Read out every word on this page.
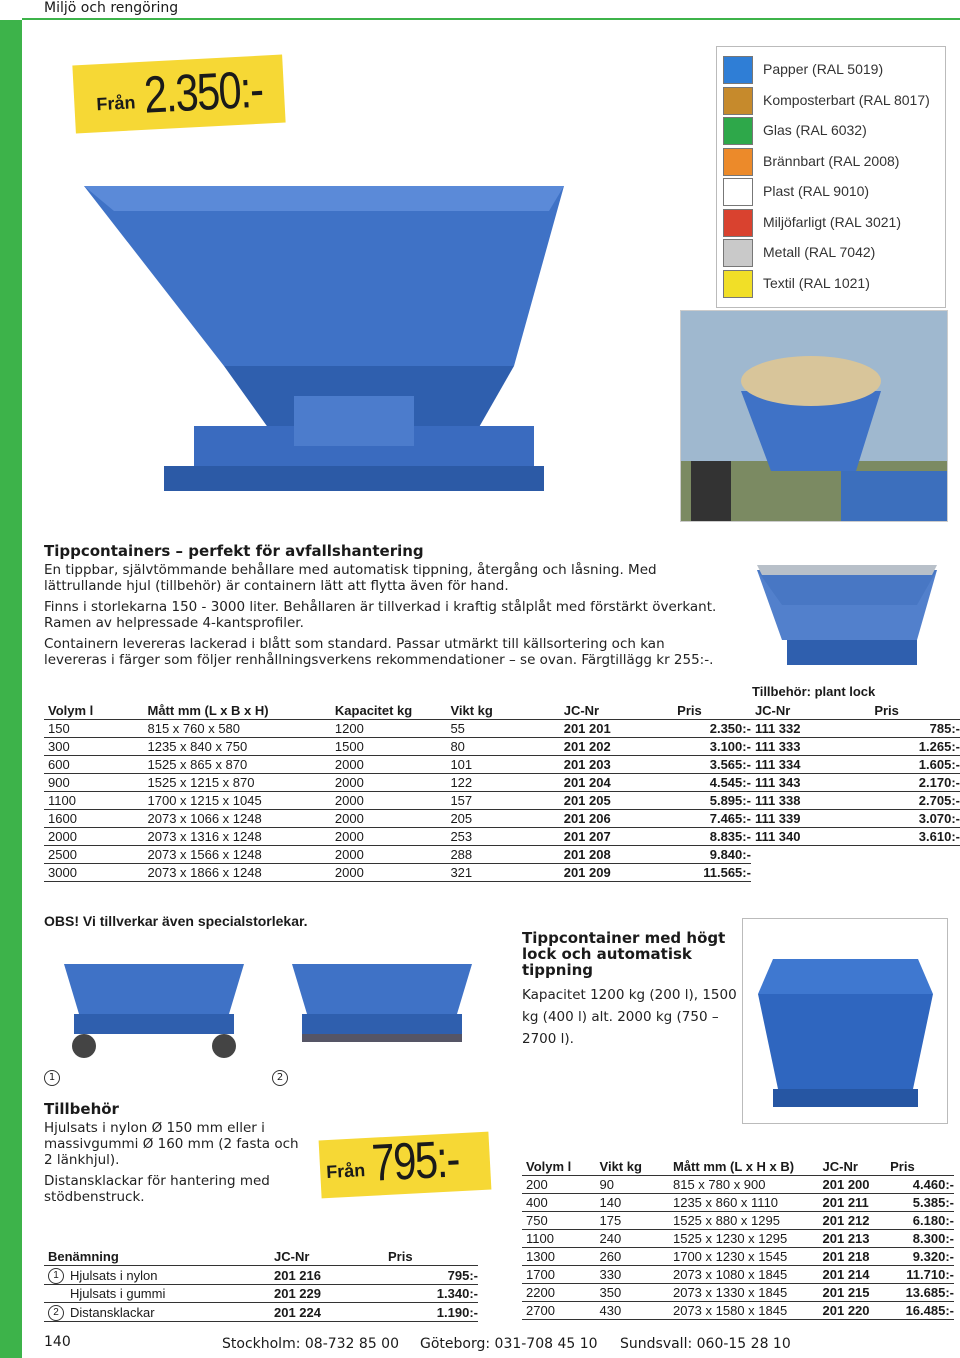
Miljö och rengöring
Från 2.350:-	Papper (RAL 5019)
Komposterbart (RAL 8017)
Glas (RAL 6032)
Brännbart (RAL 2008)
Plast (RAL 9010)
Miljöfarligt (RAL 3021)
Metall (RAL 7042)
Textil (RAL 1021)
Tippcontainers – perfekt för avfallshantering
En tippbar, självtömmande behållare med automatisk tippning, återgång och låsning. Med lättrullande hjul (tillbehör) är containern lätt att flytta även för hand.
Finns i storlekarna 150 - 3000 liter. Behållaren är tillverkad i kraftig stålplåt med förstärkt överkant. Ramen av helpressade 4-kantsprofiler.
Containern levereras lackerad i blått som standard. Passar utmärkt till källsortering och kan levereras i färger som följer renhållningsverkens rekommendationer – se ovan. Färgtillägg kr 255:-.
Tillbehör: plant lock
Volym l	Mått mm (L x B x H)	Kapacitet kg	Vikt kg	JC-Nr	Pris	JC-Nr	Pris
150	815 x 760 x 580	1200	55	201 201	2.350:-	111 332	785:-
300	1235 x 840 x 750	1500	80	201 202	3.100:-	111 333	1.265:-
600	1525 x 865 x 870	2000	101	201 203	3.565:-	111 334	1.605:-
900	1525 x 1215 x 870	2000	122	201 204	4.545:-	111 343	2.170:-
1100	1700 x 1215 x 1045	2000	157	201 205	5.895:-	111 338	2.705:-
1600	2073 x 1066 x 1248	2000	205	201 206	7.465:-	111 339	3.070:-
2000	2073 x 1316 x 1248	2000	253	201 207	8.835:-	111 340	3.610:-
2500	2073 x 1566 x 1248	2000	288	201 208	9.840:-		
3000	2073 x 1866 x 1248	2000	321	201 209	11.565:-		
OBS! Vi tillverkar även specialstorlekar.
1	2
Tillbehör
Hjulsats i nylon Ø 150 mm eller i massivgummi Ø 160 mm (2 fasta och 2 länkhjul).
Distansklackar för hantering med stödbenstruck.
Från 795:-
Benämning		JC-Nr	Pris
1	Hjulsats i nylon	201 216	795:-
	Hjulsats i gummi	201 229	1.340:-
2	Distansklackar	201 224	1.190:-
Tippcontainer med högt lock och automatisk tippning
Kapacitet 1200 kg (200 l), 1500 kg (400 l) alt. 2000 kg (750 – 2700 l).
Volym l	Vikt kg	Mått mm (L x H x B)	JC-Nr	Pris
200	90	815 x 780 x 900	201 200	4.460:-
400	140	1235 x 860 x 1110	201 211	5.385:-
750	175	1525 x 880 x 1295	201 212	6.180:-
1100	240	1525 x 1230 x 1295	201 213	8.300:-
1300	260	1700 x 1230 x 1545	201 218	9.320:-
1700	330	2073 x 1080 x 1845	201 214	11.710:-
2200	350	2073 x 1330 x 1845	201 215	13.685:-
2700	430	2073 x 1580 x 1845	201 220	16.485:-
140	Stockholm: 08-732 85 00 Göteborg: 031-708 45 10 Sundsvall: 060-15 28 10
